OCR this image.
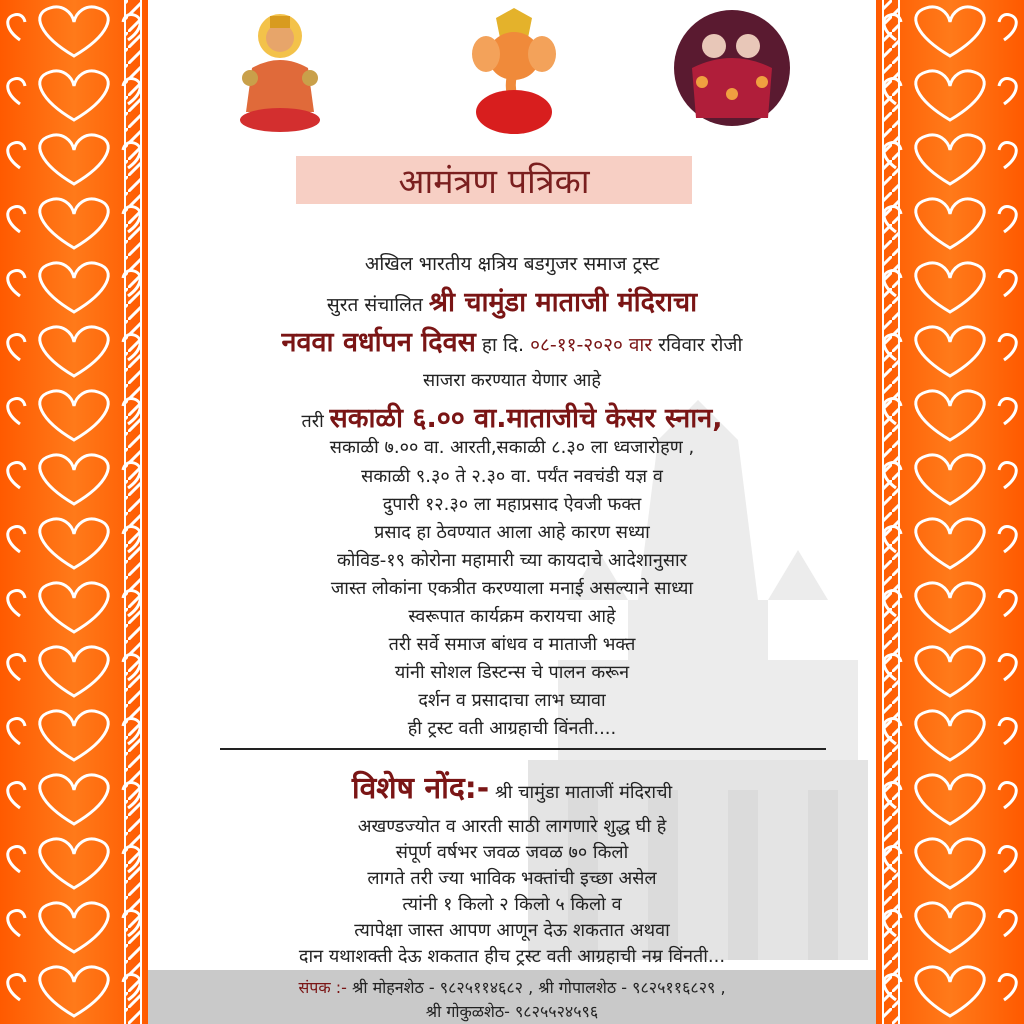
आमंत्रण पत्रिका
अखिल भारतीय क्षत्रिय बडगुजर समाज ट्रस्ट
सुरत संचालित श्री चामुंडा माताजी मंदिराचा
नववा वर्धापन दिवस हा दि. ०८-११-२०२० वार रविवार रोजी
साजरा करण्यात येणार आहे
तरी सकाळी ६.०० वा.माताजीचे केसर स्नान,
सकाळी ७.०० वा. आरती,सकाळी ८.३० ला ध्वजारोहण ,
सकाळी ९.३० ते २.३० वा. पर्यंत नवचंडी यज्ञ व
दुपारी १२.३० ला महाप्रसाद ऐवजी फक्त
प्रसाद हा ठेवण्यात आला आहे कारण सध्या
कोविड-१९ कोरोना महामारी च्या कायदाचे आदेशानुसार
जास्त लोकांना एकत्रीत करण्याला मनाई असल्याने साध्या
स्वरूपात कार्यक्रम करायचा आहे
तरी सर्वे समाज बांधव व माताजी भक्त
यांनी सोशल डिस्टन्स चे पालन करून
दर्शन व प्रसादाचा लाभ घ्यावा
ही ट्रस्ट वती आग्रहाची विंनती....
विशेष नोंद:- श्री चामुंडा माताजीं मंदिराची
अखण्डज्योत व आरती साठी लागणारे शुद्ध घी हे
संपूर्ण वर्षभर जवळ जवळ ७० किलो
लागते तरी ज्या भाविक भक्तांची इच्छा असेल
त्यांनी १ किलो २ किलो ५ किलो व
त्यापेक्षा जास्त आपण आणून देऊ शकतात अथवा
दान यथाशक्ती देऊ शकतात हीच ट्रस्ट वती आग्रहाची नम्र विंनती...
संपक :- श्री मोहनशेठ - ९८२५११४६८२ , श्री गोपालशेठ - ९८२५११६८२९ ,
श्री गोकुळशेठ- ९८२५५२४५९६
